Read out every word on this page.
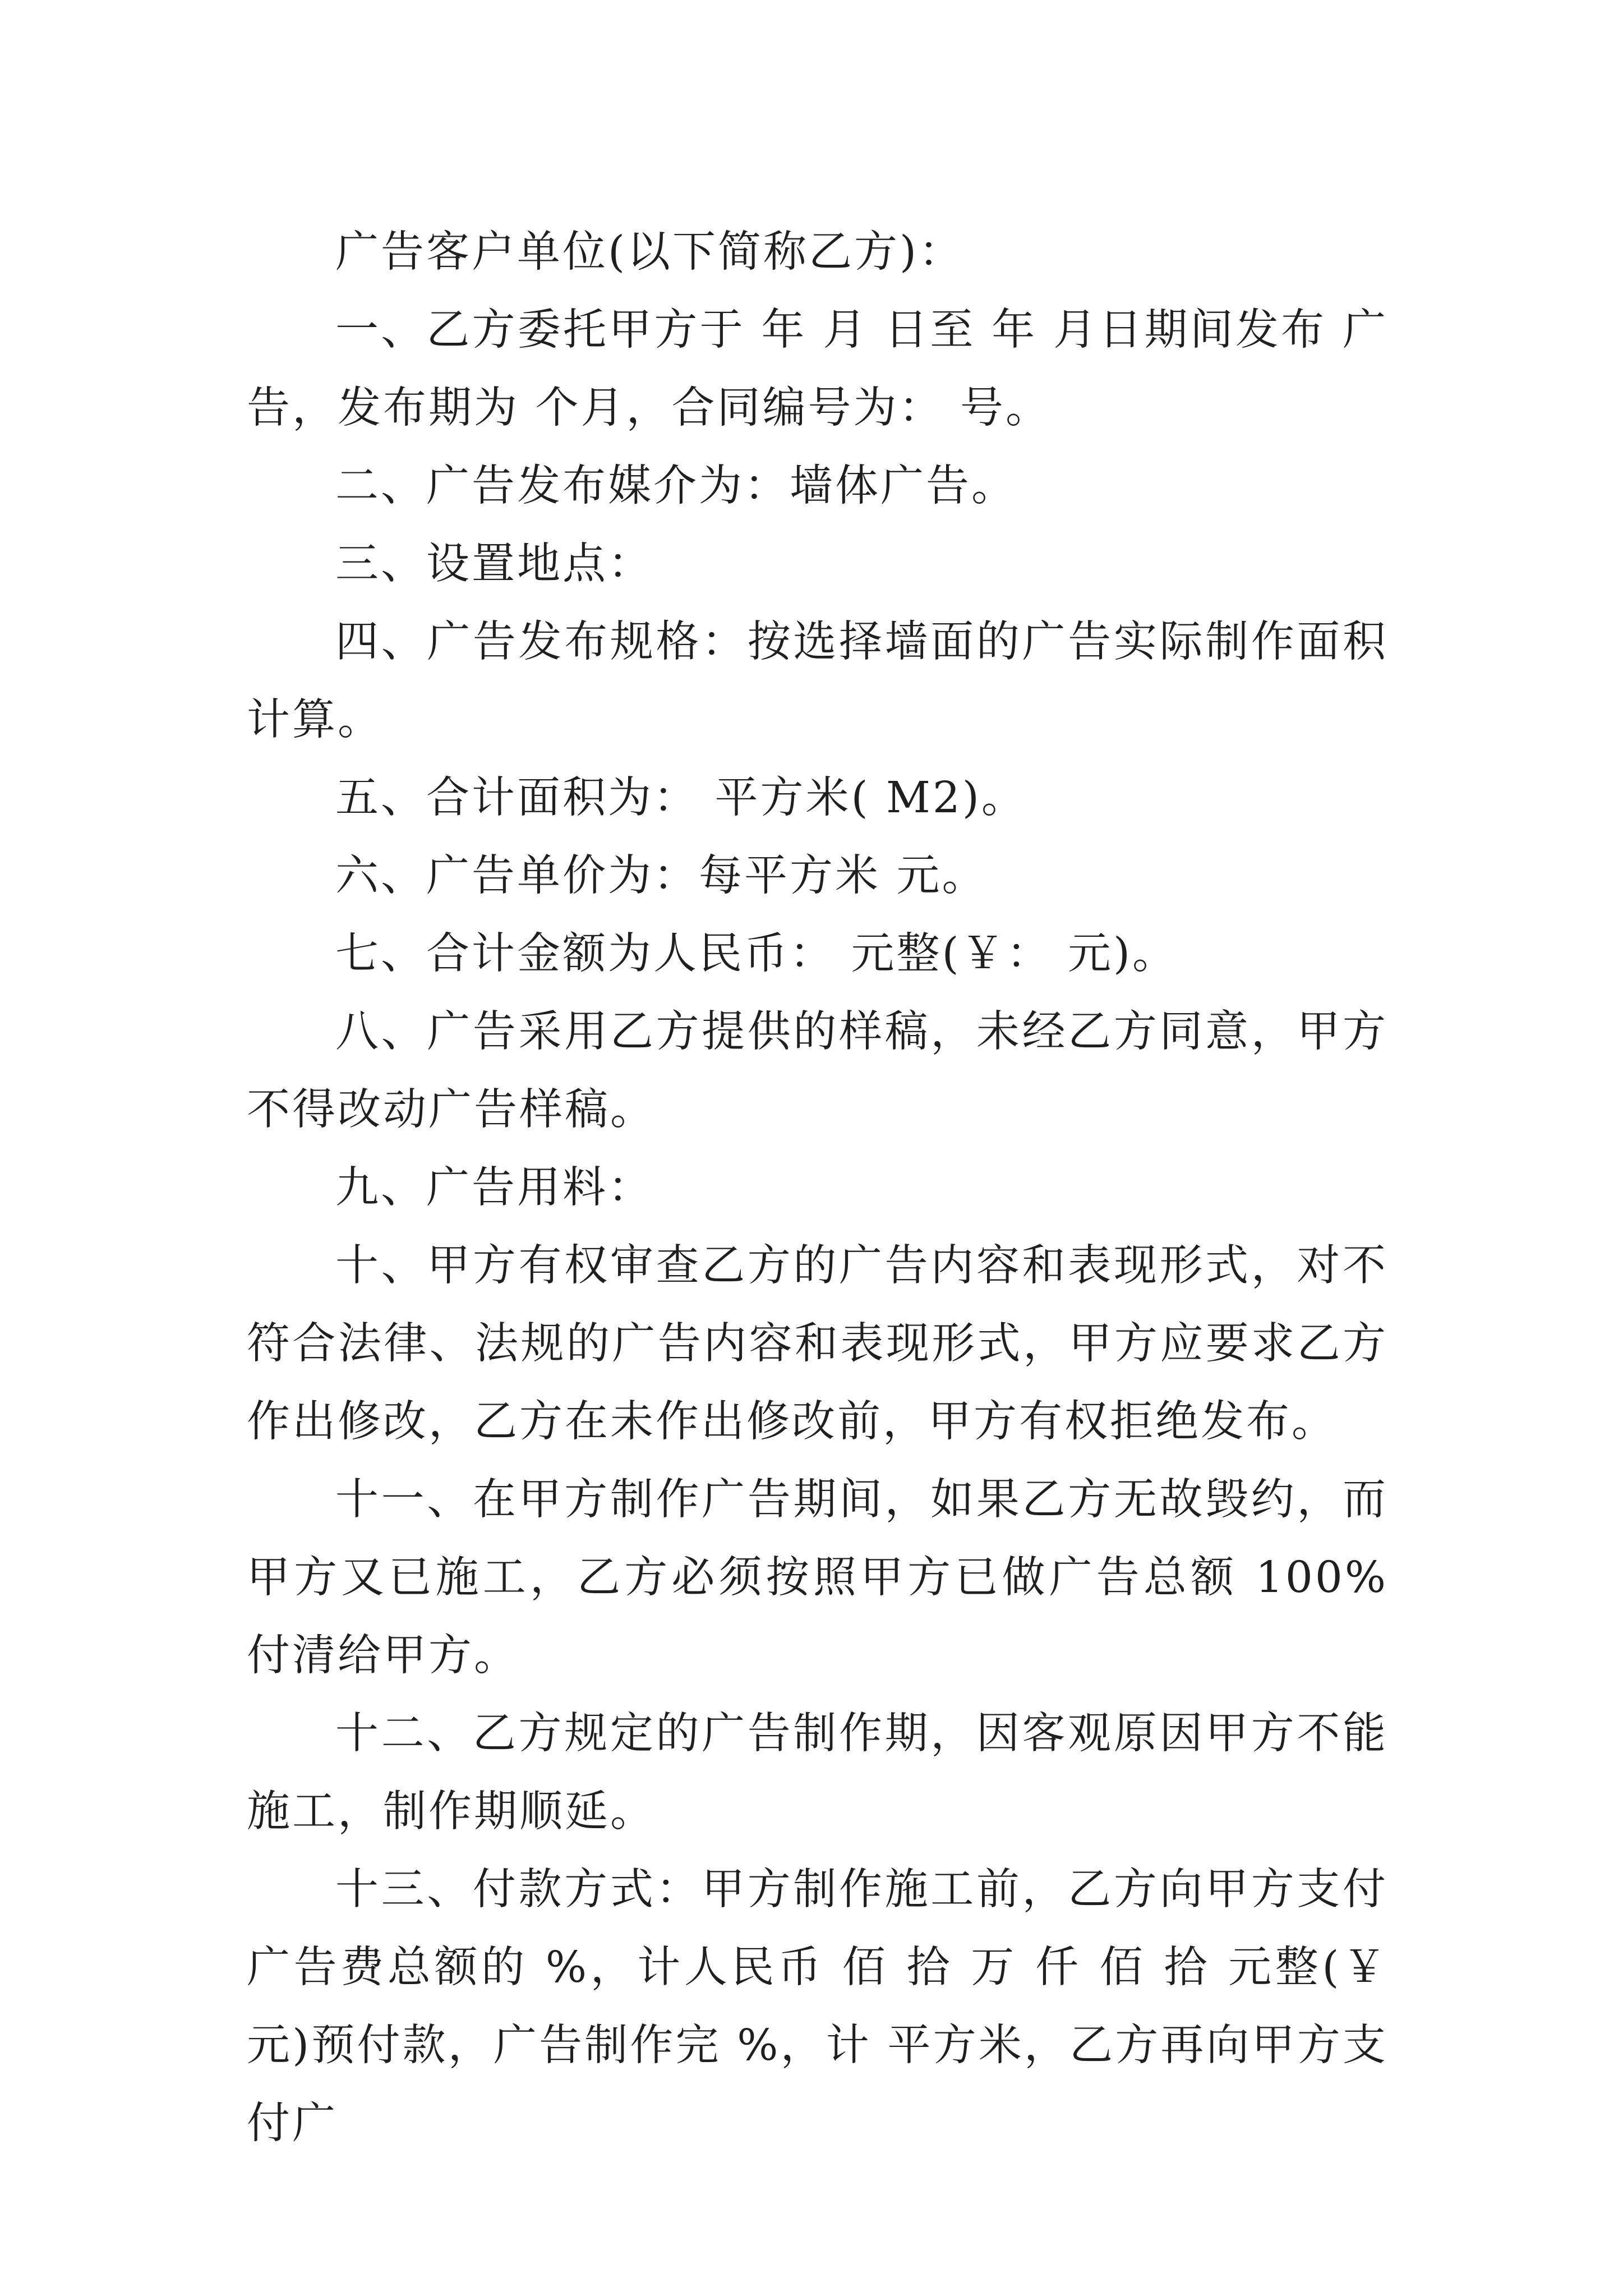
广告客户单位(以下简称乙方)：

一、乙方委托甲方于 年 月 日至 年 月日期间发布 广告，发布期为 个月，合同编号为： 号。

二、广告发布媒介为：墙体广告。

三、设置地点：

四、广告发布规格：按选择墙面的广告实际制作面积计算。

五、合计面积为： 平方米( M2)。

六、广告单价为：每平方米 元。

七、合计金额为人民币： 元整(￥： 元)。

八、广告采用乙方提供的样稿，未经乙方同意，甲方不得改动广告样稿。

九、广告用料：

十、甲方有权审查乙方的广告内容和表现形式，对不符合法律、法规的广告内容和表现形式，甲方应要求乙方作出修改，乙方在未作出修改前，甲方有权拒绝发布。

十一、在甲方制作广告期间，如果乙方无故毁约，而甲方又已施工，乙方必须按照甲方已做广告总额 100%付清给甲方。

十二、乙方规定的广告制作期，因客观原因甲方不能施工，制作期顺延。

十三、付款方式：甲方制作施工前，乙方向甲方支付广告费总额的 %，计人民币 佰 拾 万 仟 佰 拾 元整(￥ 元)预付款，广告制作完 %，计 平方米，乙方再向甲方支付广
